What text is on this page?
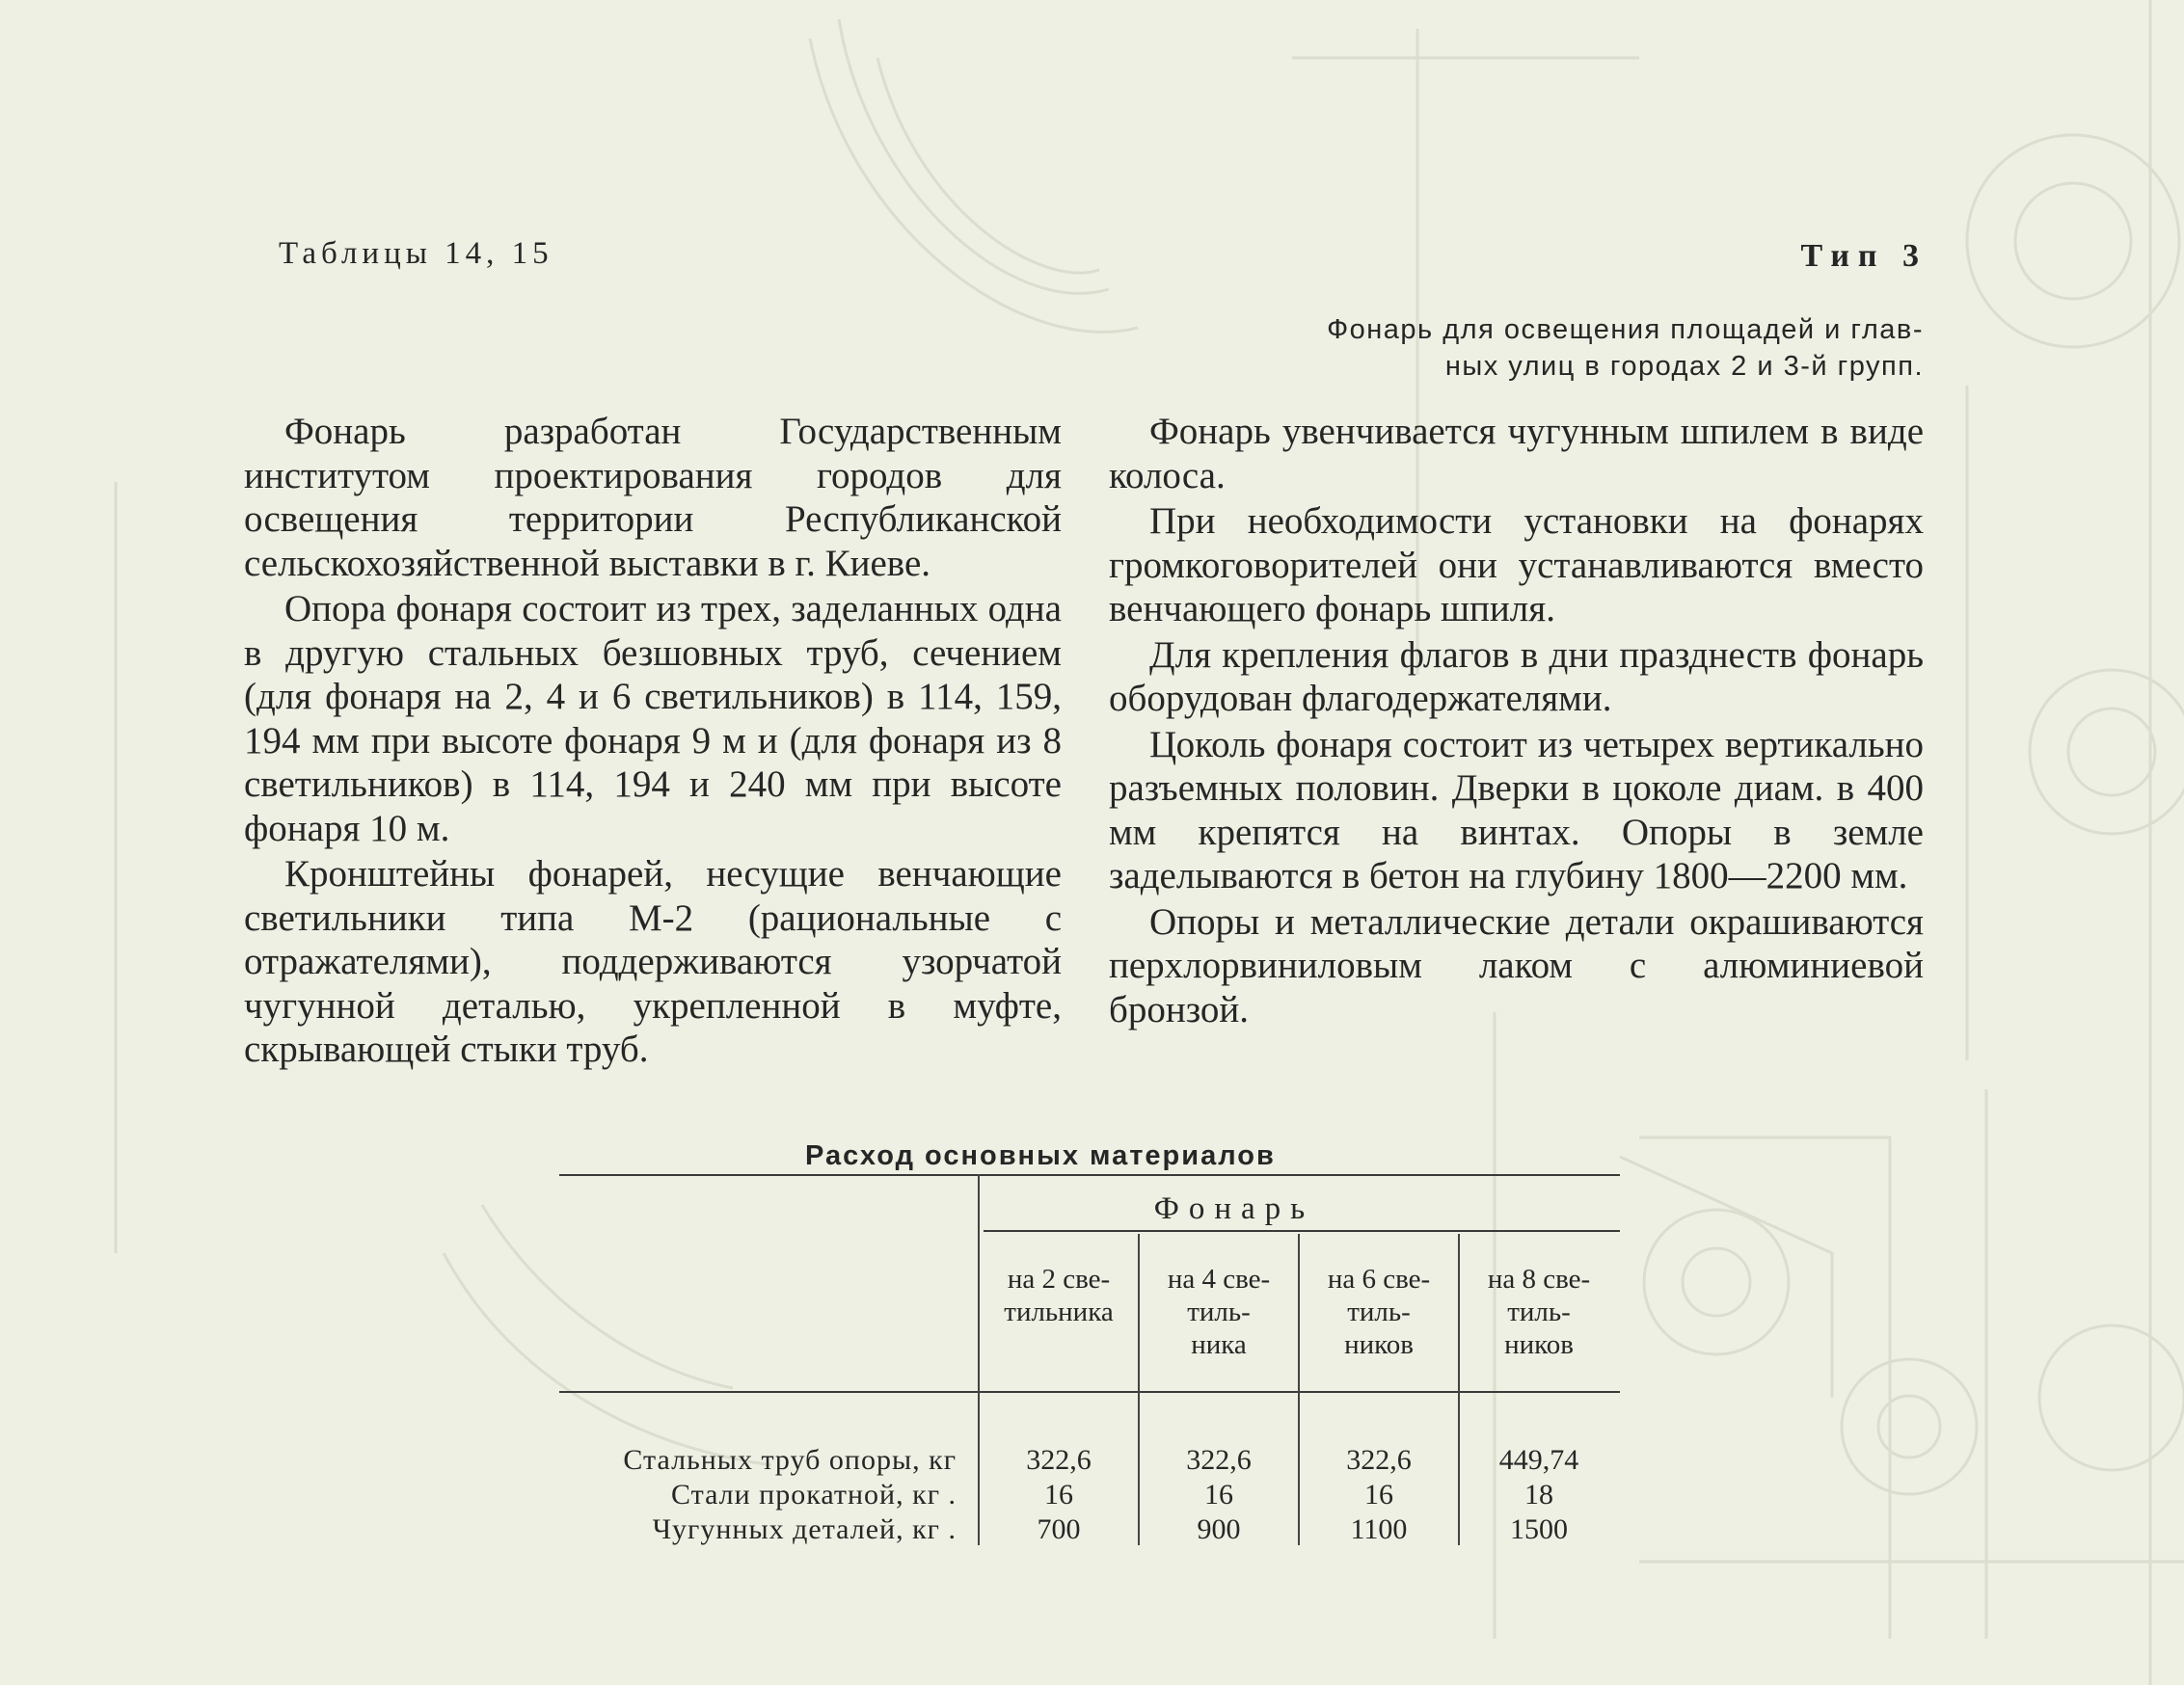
Таблицы 14, 15	Тип 3
Фонарь для освещения площадей и глав-
ных улиц в городах 2 и 3-й групп.

Фонарь разработан Государственным институтом проектирования городов для освещения территории Республиканской сельскохозяйственной выставки в г. Киеве.

Опора фонаря состоит из трех, заделанных одна в другую стальных безшовных труб, сечением (для фонаря на 2, 4 и 6 светильников) в 114, 159, 194 мм при высоте фонаря 9 м и (для фонаря из 8 светильников) в 114, 194 и 240 мм при высоте фонаря 10 м.

Кронштейны фонарей, несущие венчающие светильники типа М-2 (рациональные с отражателями), поддерживаются узорчатой чугунной деталью, укрепленной в муфте, скрывающей стыки труб.

Фонарь увенчивается чугунным шпилем в виде колоса.

При необходимости установки на фонарях громкоговорителей они устанавливаются вместо венчающего фонарь шпиля.

Для крепления флагов в дни празднеств фонарь оборудован флагодержателями.

Цоколь фонаря состоит из четырех вертикально разъемных половин. Дверки в цоколе диам. в 400 мм крепятся на винтах. Опоры в земле заделываются в бетон на глубину 1800—2200 мм.

Опоры и металлические детали окрашиваются перхлорвиниловым лаком с алюминиевой бронзой.

Расход основных материалов
Фонарь
на 2 све-
тильника
на 4 све-
тиль-
ника
на 6 све-
тиль-
ников
на 8 све-
тиль-
ников
Стальных труб опоры, кг	322,6	322,6	322,6	449,74
Стали прокатной, кг .	16	16	16	18
Чугунных деталей, кг .	700	900	1100	1500
